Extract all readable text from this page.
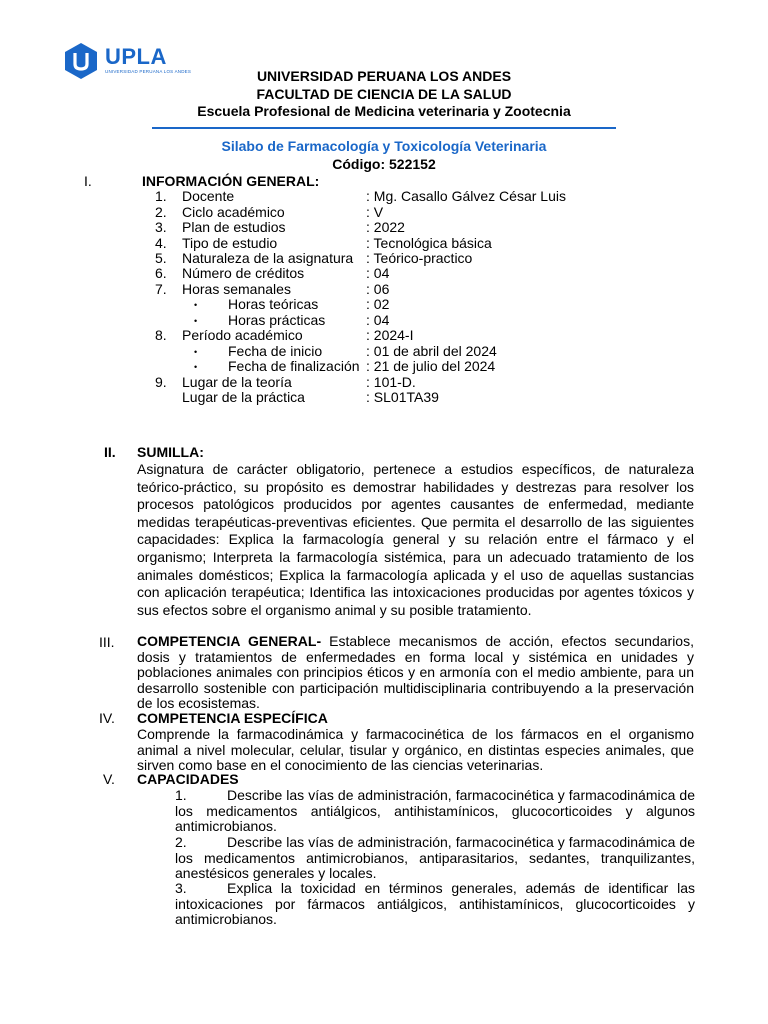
UPLA
UNIVERSIDAD PERUANA LOS ANDES	UNIVERSIDAD PERUANA LOS ANDES
FACULTAD DE CIENCIA DE LA SALUD
Escuela Profesional de Medicina veterinaria y Zootecnia
Silabo de Farmacología y Toxicología Veterinaria
Código: 522152
I.	INFORMACIÓN GENERAL:
1. Docente	: Mg. Casallo Gálvez César Luis
2. Ciclo académico	: V
3. Plan de estudios	: 2022
4. Tipo de estudio	: Tecnológica básica
5. Naturaleza de la asignatura : Teórico-practico
6. Número de créditos	: 04
7. Horas semanales	: 06
• Horas teóricas	: 02
• Horas prácticas	: 04
8. Período académico	: 2024-I
• Fecha de inicio	: 01 de abril del 2024
• Fecha de finalización : 21 de julio del 2024
9. Lugar de la teoría	: 101-D.
Lugar de la práctica	: SL01TA39
II. SUMILLA:
Asignatura de carácter obligatorio, pertenece a estudios específicos, de naturaleza teórico-práctico, su propósito es demostrar habilidades y destrezas para resolver los procesos patológicos producidos por agentes causantes de enfermedad, mediante medidas terapéuticas-preventivas eficientes. Que permita el desarrollo de las siguientes capacidades: Explica la farmacología general y su relación entre el fármaco y el organismo; Interpreta la farmacología sistémica, para un adecuado tratamiento de los animales domésticos; Explica la farmacología aplicada y el uso de aquellas sustancias con aplicación terapéutica; Identifica las intoxicaciones producidas por agentes tóxicos y sus efectos sobre el organismo animal y su posible tratamiento.
III. COMPETENCIA GENERAL- Establece mecanismos de acción, efectos secundarios, dosis y tratamientos de enfermedades en forma local y sistémica en unidades y poblaciones animales con principios éticos y en armonía con el medio ambiente, para un desarrollo sostenible con participación multidisciplinaria contribuyendo a la preservación de los ecosistemas.
IV. COMPETENCIA ESPECÍFICA
Comprende la farmacodinámica y farmacocinética de los fármacos en el organismo animal a nivel molecular, celular, tisular y orgánico, en distintas especies animales, que sirven como base en el conocimiento de las ciencias veterinarias.
V. CAPACIDADES
1.	Describe las vías de administración, farmacocinética y farmacodinámica de los medicamentos antiálgicos, antihistamínicos, glucocorticoides y algunos antimicrobianos.
2.	Describe las vías de administración, farmacocinética y farmacodinámica de los medicamentos antimicrobianos, antiparasitarios, sedantes, tranquilizantes, anestésicos generales y locales.
3.	Explica la toxicidad en términos generales, además de identificar las intoxicaciones por fármacos antiálgicos, antihistamínicos, glucocorticoides y antimicrobianos.
